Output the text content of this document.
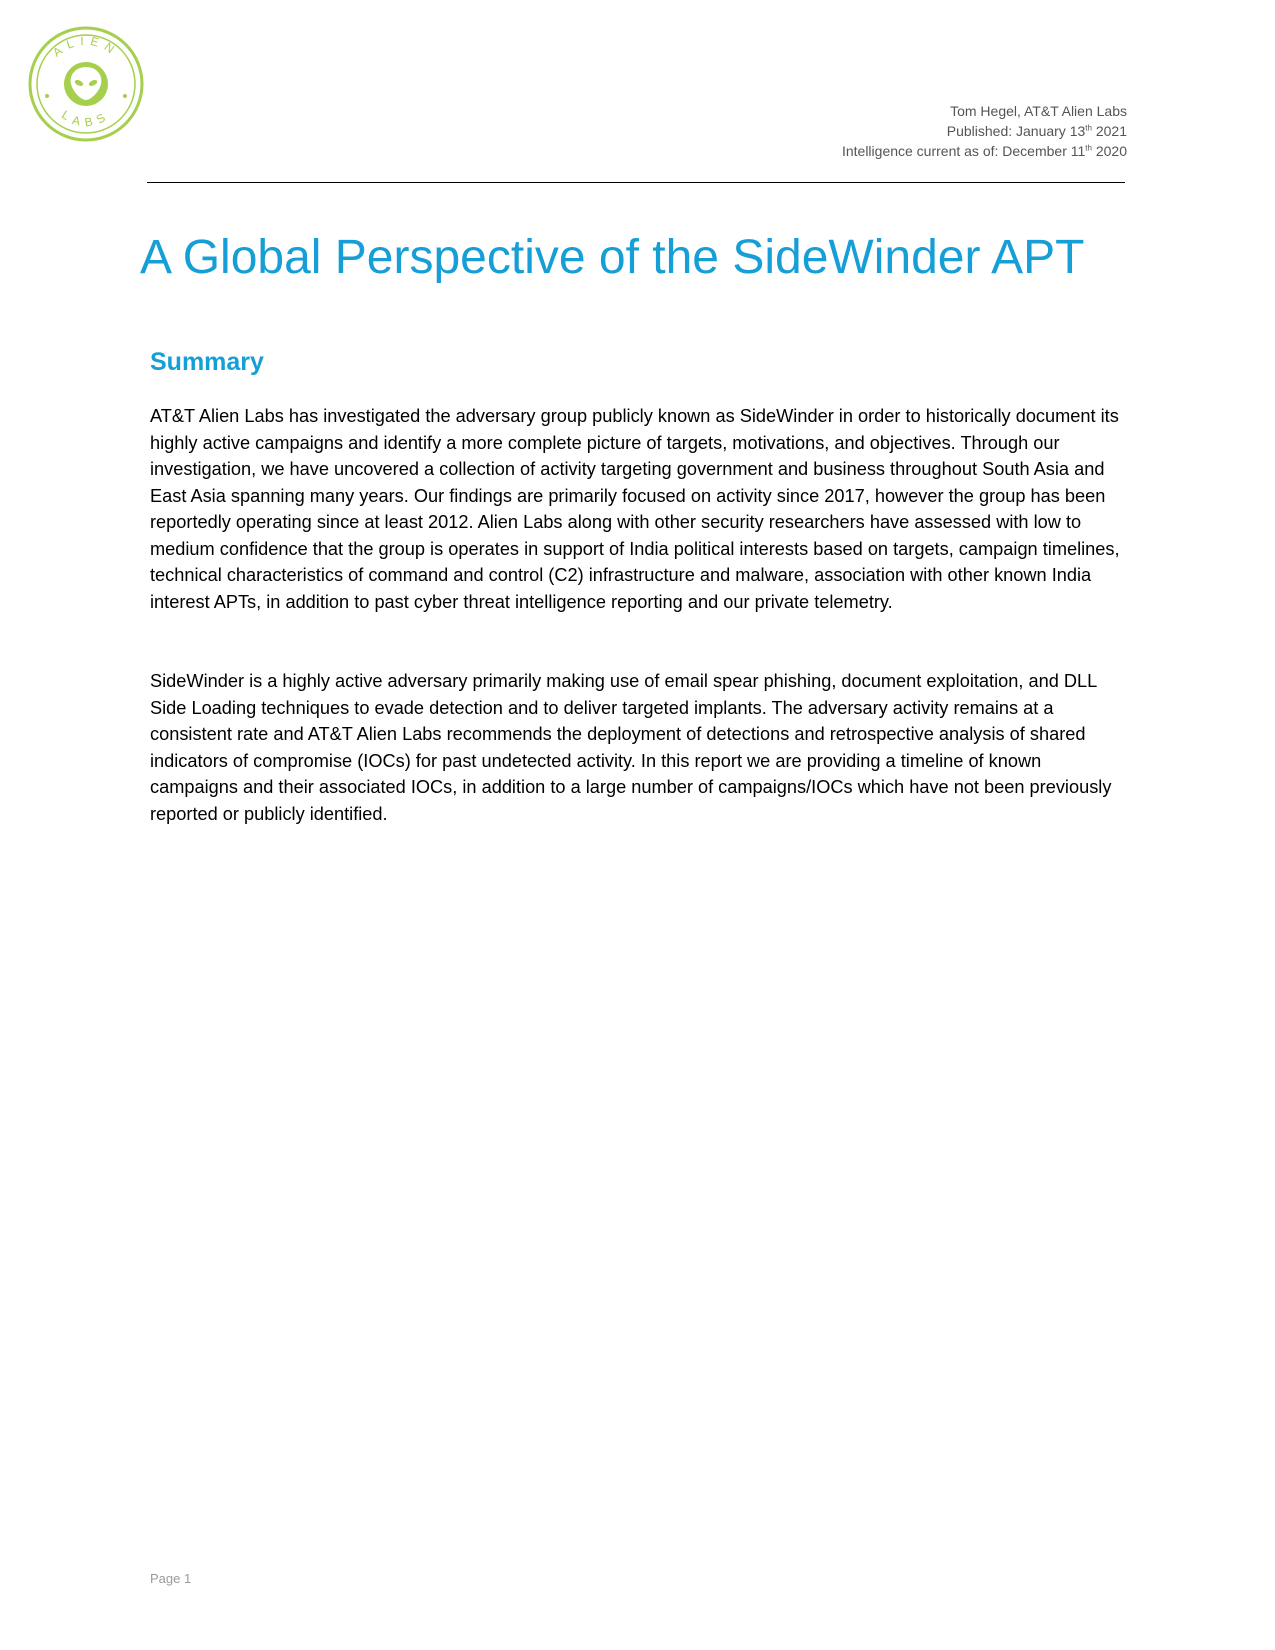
ALIEN
LABS	Tom Hegel, AT&T Alien Labs
Published: January 13th 2021
Intelligence current as of: December 11th 2020
A Global Perspective of the SideWinder APT
Summary

AT&T Alien Labs has investigated the adversary group publicly known as SideWinder in order to historically document its highly active campaigns and identify a more complete picture of targets, motivations, and objectives. Through our investigation, we have uncovered a collection of activity targeting government and business throughout South Asia and East Asia spanning many years. Our findings are primarily focused on activity since 2017, however the group has been reportedly operating since at least 2012. Alien Labs along with other security researchers have assessed with low to medium confidence that the group is operates in support of India political interests based on targets, campaign timelines, technical characteristics of command and control (C2) infrastructure and malware, association with other known India interest APTs, in addition to past cyber threat intelligence reporting and our private telemetry.

SideWinder is a highly active adversary primarily making use of email spear phishing, document exploitation, and DLL Side Loading techniques to evade detection and to deliver targeted implants. The adversary activity remains at a consistent rate and AT&T Alien Labs recommends the deployment of detections and retrospective analysis of shared indicators of compromise (IOCs) for past undetected activity. In this report we are providing a timeline of known campaigns and their associated IOCs, in addition to a large number of campaigns/IOCs which have not been previously reported or publicly identified.

Page 1
